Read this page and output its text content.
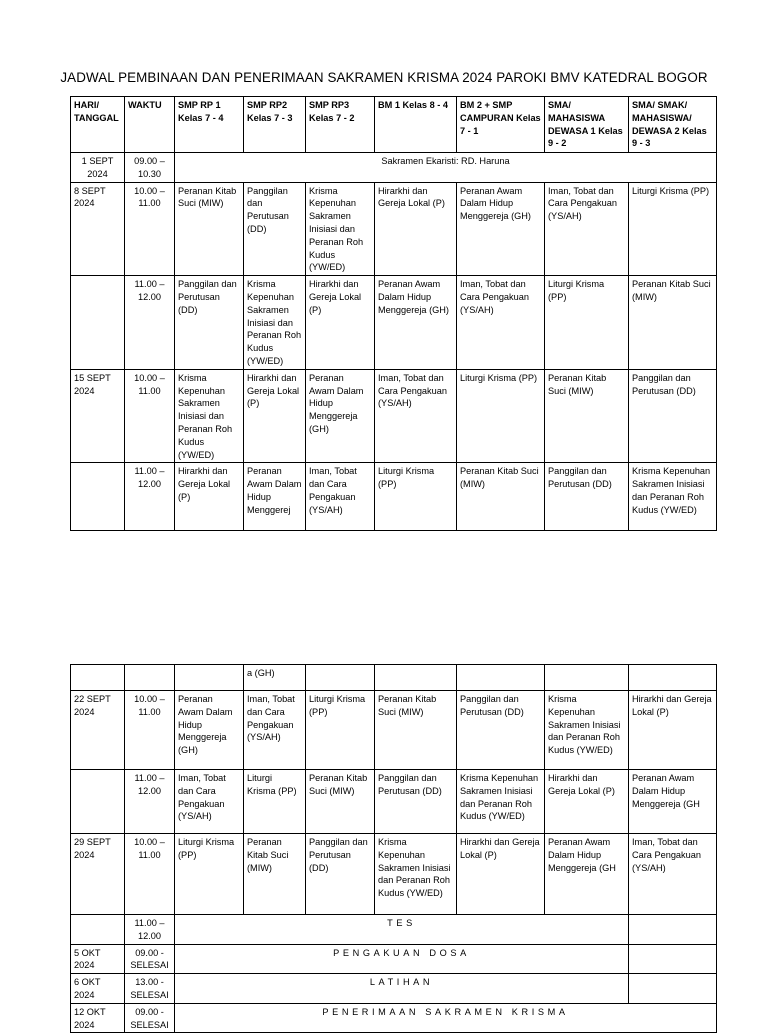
JADWAL PEMBINAAN DAN PENERIMAAN SAKRAMEN KRISMA 2024 PAROKI BMV KATEDRAL BOGOR
HARI/ TANGGAL	WAKTU	SMP RP 1 Kelas 7 - 4	SMP RP2 Kelas 7 - 3	SMP RP3 Kelas 7 - 2	BM 1 Kelas 8 - 4	BM 2 + SMP CAMPURAN Kelas 7 - 1	SMA/ MAHASISWA DEWASA 1 Kelas 9 - 2	SMA/ SMAK/ MAHASISWA/ DEWASA 2 Kelas 9 - 3
1 SEPT 2024	09.00 – 10.30	Sakramen Ekaristi: RD. Haruna						
8 SEPT 2024	10.00 – 11.00	Peranan Kitab Suci (MIW)	Panggilan dan Perutusan (DD)	Krisma Kepenuhan Sakramen Inisiasi dan Peranan Roh Kudus (YW/ED)	Hirarkhi dan Gereja Lokal (P)	Peranan Awam Dalam Hidup Menggereja (GH)	Iman, Tobat dan Cara Pengakuan (YS/AH)	Liturgi Krisma (PP)
	11.00 – 12.00	Panggilan dan Perutusan (DD)	Krisma Kepenuhan Sakramen Inisiasi dan Peranan Roh Kudus (YW/ED)	Hirarkhi dan Gereja Lokal (P)	Peranan Awam Dalam Hidup Menggereja (GH)	Iman, Tobat dan Cara Pengakuan (YS/AH)	Liturgi Krisma (PP)	Peranan Kitab Suci (MIW)
15 SEPT 2024	10.00 – 11.00	Krisma Kepenuhan Sakramen Inisiasi dan Peranan Roh Kudus (YW/ED)	Hirarkhi dan Gereja Lokal (P)	Peranan Awam Dalam Hidup Menggereja (GH)	Iman, Tobat dan Cara Pengakuan (YS/AH)	Liturgi Krisma (PP)	Peranan Kitab Suci (MIW)	Panggilan dan Perutusan (DD)
	11.00 – 12.00	Hirarkhi dan Gereja Lokal (P)	Peranan Awam Dalam Hidup Menggerej	Iman, Tobat dan Cara Pengakuan (YS/AH)	Liturgi Krisma (PP)	Peranan Kitab Suci (MIW)	Panggilan dan Perutusan (DD)	Krisma Kepenuhan Sakramen Inisiasi dan Peranan Roh Kudus (YW/ED)
			a (GH)					
22 SEPT 2024	10.00 – 11.00	Peranan Awam Dalam Hidup Menggereja (GH)	Iman, Tobat dan Cara Pengakuan (YS/AH)	Liturgi Krisma (PP)	Peranan Kitab Suci (MIW)	Panggilan dan Perutusan (DD)	Krisma Kepenuhan Sakramen Inisiasi dan Peranan Roh Kudus (YW/ED)	Hirarkhi dan Gereja Lokal (P)
	11.00 – 12.00	Iman, Tobat dan Cara Pengakuan (YS/AH)	Liturgi Krisma (PP)	Peranan Kitab Suci (MIW)	Panggilan dan Perutusan (DD)	Krisma Kepenuhan Sakramen Inisiasi dan Peranan Roh Kudus (YW/ED)	Hirarkhi dan Gereja Lokal (P)	Peranan Awam Dalam Hidup Menggereja (GH
29 SEPT 2024	10.00 – 11.00	Liturgi Krisma (PP)	Peranan Kitab Suci (MIW)	Panggilan dan Perutusan (DD)	Krisma Kepenuhan Sakramen Inisiasi dan Peranan Roh Kudus (YW/ED)	Hirarkhi dan Gereja Lokal (P)	Peranan Awam Dalam Hidup Menggereja (GH	Iman, Tobat dan Cara Pengakuan (YS/AH)
	11.00 – 12.00	TES						
5 OKT 2024	09.00 - SELESAI	PENGAKUAN DOSA						
6 OKT 2024	13.00 - SELESAI	LATIHAN						
12 OKT 2024	09.00 - SELESAI	PENERIMAAN SAKRAMEN KRISMA						
